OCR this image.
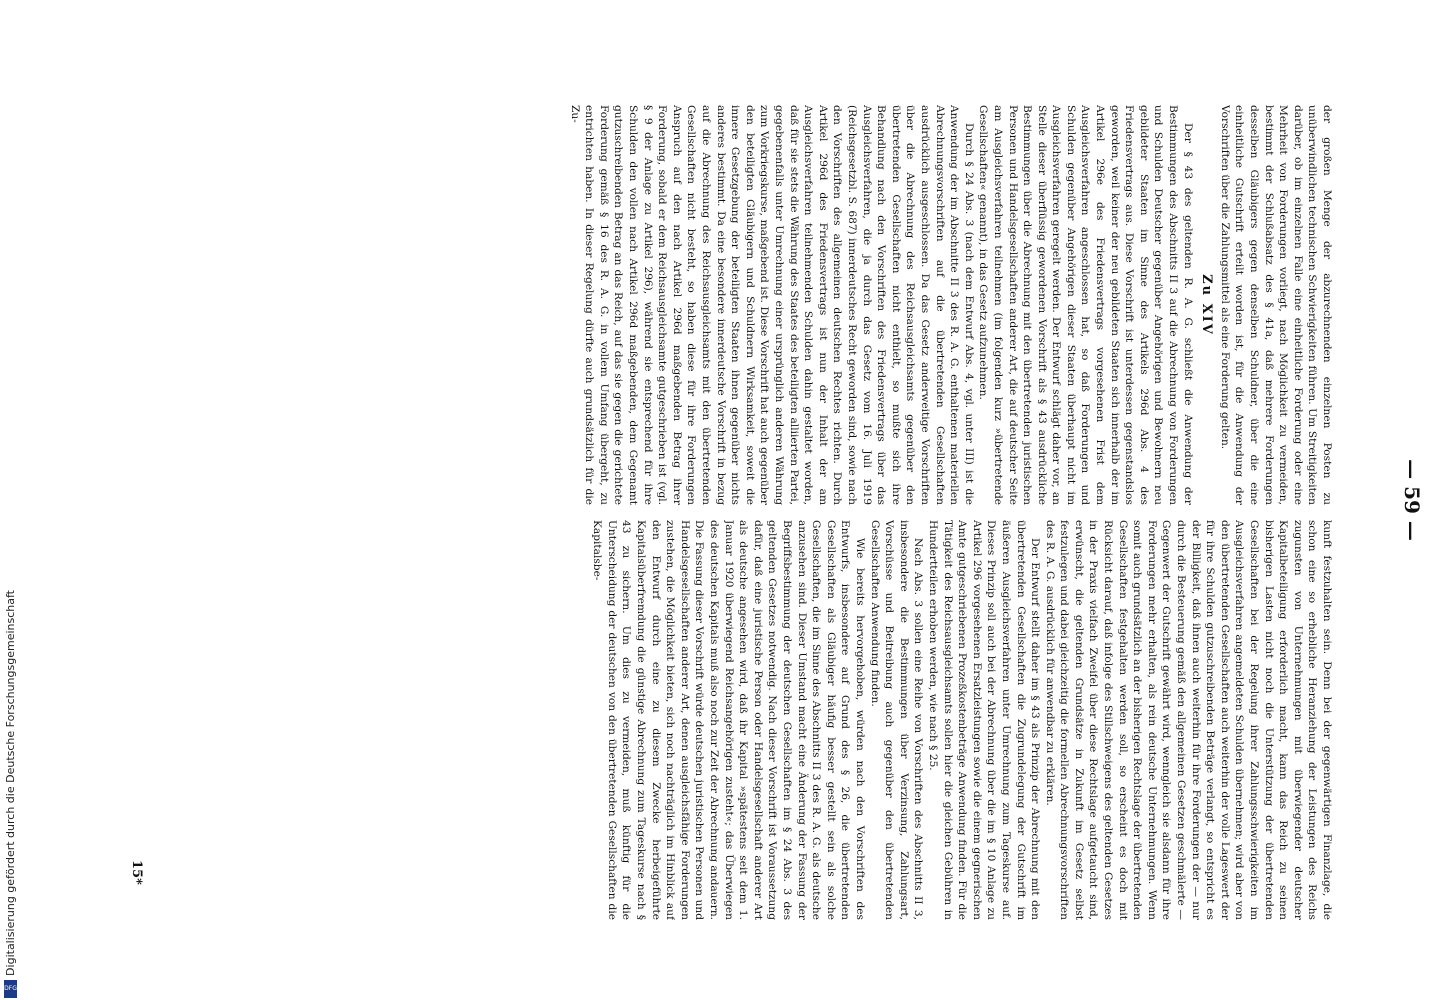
— 59 —

der großen Menge der abzurechnenden einzelnen Posten zu unüberwindlichen technischen Schwierigkeiten führen. Um Streitigkeiten darüber, ob im einzelnen Falle eine einheitliche Forderung oder eine Mehrheit von Forderungen vorliegt, nach Möglichkeit zu vermeiden, bestimmt der Schlußabsatz des § 41a, daß mehrere Forderungen desselben Gläubigers gegen denselben Schuldner, über die eine einheitliche Gutschrift erteilt worden ist, für die Anwendung der Vorschriften über die Zahlungsmittel als eine Forderung gelten.

Zu XIV

Der § 43 des geltenden R. A. G. schließt die Anwendung der Bestimmungen des Abschnitts II 3 auf die Abrechnung von Forderungen und Schulden Deutscher gegenüber Angehörigen und Bewohnern neu gebildeter Staaten im Sinne des Artikels 296d Abs. 4 des Friedensvertrags aus. Diese Vorschrift ist unterdessen gegenstandslos geworden, weil keiner der neu gebildeten Staaten sich innerhalb der im Artikel 296e des Friedensvertrags vorgesehenen Frist dem Ausgleichsverfahren angeschlossen hat, so daß Forderungen und Schulden gegenüber Angehörigen dieser Staaten überhaupt nicht im Ausgleichsverfahren geregelt werden. Der Entwurf schlägt daher vor, an Stelle dieser überflüssig gewordenen Vorschrift als § 43 ausdrückliche Bestimmungen über die Abrechnung mit den übertretenden juristischen Personen und Handelsgesellschaften anderer Art, die auf deutscher Seite am Ausgleichsverfahren teilnehmen (im folgenden kurz »übertretende Gesellschaften« genannt), in das Gesetz aufzunehmen.

Durch § 24 Abs. 3 (nach dem Entwurf Abs. 4, vgl. unter III) ist die Anwendung der im Abschnitte II 3 des R. A. G. enthaltenen materiellen Abrechnungsvorschriften auf die übertretenden Gesellschaften ausdrücklich ausgeschlossen. Da das Gesetz anderweitige Vorschriften über die Abrechnung des Reichsausgleichsamts gegenüber den übertretenden Gesellschaften nicht enthielt, so mußte sich ihre Behandlung nach den Vorschriften des Friedensvertrags über das Ausgleichsverfahren, die ja durch das Gesetz vom 16. Juli 1919 (Reichsgesetzbl. S. 687) innerdeutsches Recht geworden sind, sowie nach den Vorschriften des allgemeinen deutschen Rechtes richten. Durch Artikel 296d des Friedensvertrags ist nun der Inhalt der am Ausgleichsverfahren teilnehmenden Schulden dahin gestaltet worden, daß für sie stets die Währung des Staates des beteiligten alliierten Partei, gegebenenfalls unter Umrechnung einer ursprünglich anderen Währung zum Vorkriegskurse, maßgebend ist. Diese Vorschrift hat auch gegenüber den beteiligten Gläubigern und Schuldnern Wirksamkeit, soweit die innere Gesetzgebung der beteiligten Staaten ihnen gegenüber nichts anderes bestimmt. Da eine besondere innerdeutsche Vorschrift in bezug auf die Abrechnung des Reichsausgleichsamts mit den übertretenden Gesellschaften nicht besteht, so haben diese für ihre Forderungen Anspruch auf den nach Artikel 296d maßgebenden Betrag ihrer Forderung, sobald er dem Reichsausgleichsamte gutgeschrieben ist (vgl. § 9 der Anlage zu Artikel 296), während sie entsprechend für ihre Schulden den vollen nach Artikel 296d maßgebenden, dem Gegenamt gutzuschreibenden Betrag an das Reich, auf das sie gegen die gerichtete Forderung gemäß § 16 des R. A. G. in vollem Umfang übergeht, zu entrichten haben. In dieser Regelung dürfte auch grundsätzlich für die Zu-

kunft festzuhalten sein. Denn bei der gegenwärtigen Finanzlage, die schon eine so erhebliche Heranziehung der Leistungen des Reichs zugunsten von Unternehmungen mit überwiegender deutscher Kapitalbeteiligung erforderlich macht, kann das Reich zu seinen bisherigen Lasten nicht noch die Unterstützung der übertretenden Gesellschaften bei der Regelung ihrer Zahlungsschwierigkeiten im Ausgleichsverfahren angemeldeten Schulden übernehmen; wird aber von den übertretenden Gesellschaften auch weiterhin der volle Lageswert der für ihre Schulden gutzuschreibenden Beträge verlangt, so entspricht es der Billigkeit, daß ihnen auch weiterhin für ihre Forderungen der — nur durch die Besteuerung gemäß den allgemeinen Gesetzen geschmälerte — Gegenwert der Gutschrift gewährt wird, wenngleich sie alsdann für ihre Forderungen mehr erhalten, als rein deutsche Unternehmungen. Wenn somit auch grundsätzlich an der bisherigen Rechtslage der übertretenden Gesellschaften festgehalten werden soll, so erscheint es doch mit Rücksicht darauf, daß infolge des Stillschweigens des geltenden Gesetzes in der Praxis vielfach Zweifel über diese Rechtslage aufgetaucht sind, erwünscht, die geltenden Grundsätze in Zukunft im Gesetz selbst festzulegen und dabei gleichzeitig die formellen Abrechnungsvorschriften des R. A. G. ausdrücklich für anwendbar zu erklären.

Der Entwurf stellt daher im § 43 als Prinzip der Abrechnung mit den übertretenden Gesellschaften die Zugrundelegung der Gutschrift im äußeren Ausgleichsverfahren unter Umrechnung zum Tageskurse auf. Dieses Prinzip soll auch bei der Abrechnung über die im § 10 Anlage zu Artikel 296 vorgesehenen Ersatzleistungen sowie die einem gegnerischen Amte gutgeschriebenen Prozeßkostenbeträge Anwendung finden. Für die Tätigkeit des Reichsausgleichsamts sollen hier die gleichen Gebühren in Hundertteilen erhoben werden, wie nach § 25.

Nach Abs. 3 sollen eine Reihe von Vorschriften des Abschnitts II 3, insbesondere die Bestimmungen über Verzinsung, Zahlungsart, Vorschüsse und Beitreibung auch gegenüber den übertretenden Gesellschaften Anwendung finden.

Wie bereits hervorgehoben, würden nach den Vorschriften des Entwurfs, insbesondere auf Grund des § 26, die übertretenden Gesellschaften als Gläubiger häufig besser gestellt sein als solche Gesellschaften, die im Sinne des Abschnitts II 3 des R. A. G. als deutsche anzusehen sind. Dieser Umstand macht eine Änderung der Fassung der Begriffsbestimmung der deutschen Gesellschaften im § 24 Abs. 3 des geltenden Gesetzes notwendig. Nach dieser Vorschrift ist Voraussetzung dafür, daß eine juristische Person oder Handelsgesellschaft anderer Art als deutsche angesehen wird, daß ihr Kapital »spätestens seit dem 1. Januar 1920 überwiegend Reichsangehörigen zusteht«; das Überwiegen des deutschen Kapitals muß also noch zur Zeit der Abrechnung andauern. Die Fassung dieser Vorschrift würde deutschen juristischen Personen und Handelsgesellschaften anderer Art, denen ausgleichsfähige Forderungen zustehen, die Möglichkeit bieten, sich noch nachträglich im Hinblick auf den Entwurf durch eine zu diesem Zwecke herbeigeführte Kapitalsüberfremdung die günstige Abrechnung zum Tageskurse nach § 43 zu sichern. Um dies zu vermeiden, muß künftig für die Unterscheidung der deutschen von den übertretenden Gesellschaften die Kapitalsbe-

15*
Digitalisierung gefördert durch die Deutsche Forschungsgemeinschaft
DFG
